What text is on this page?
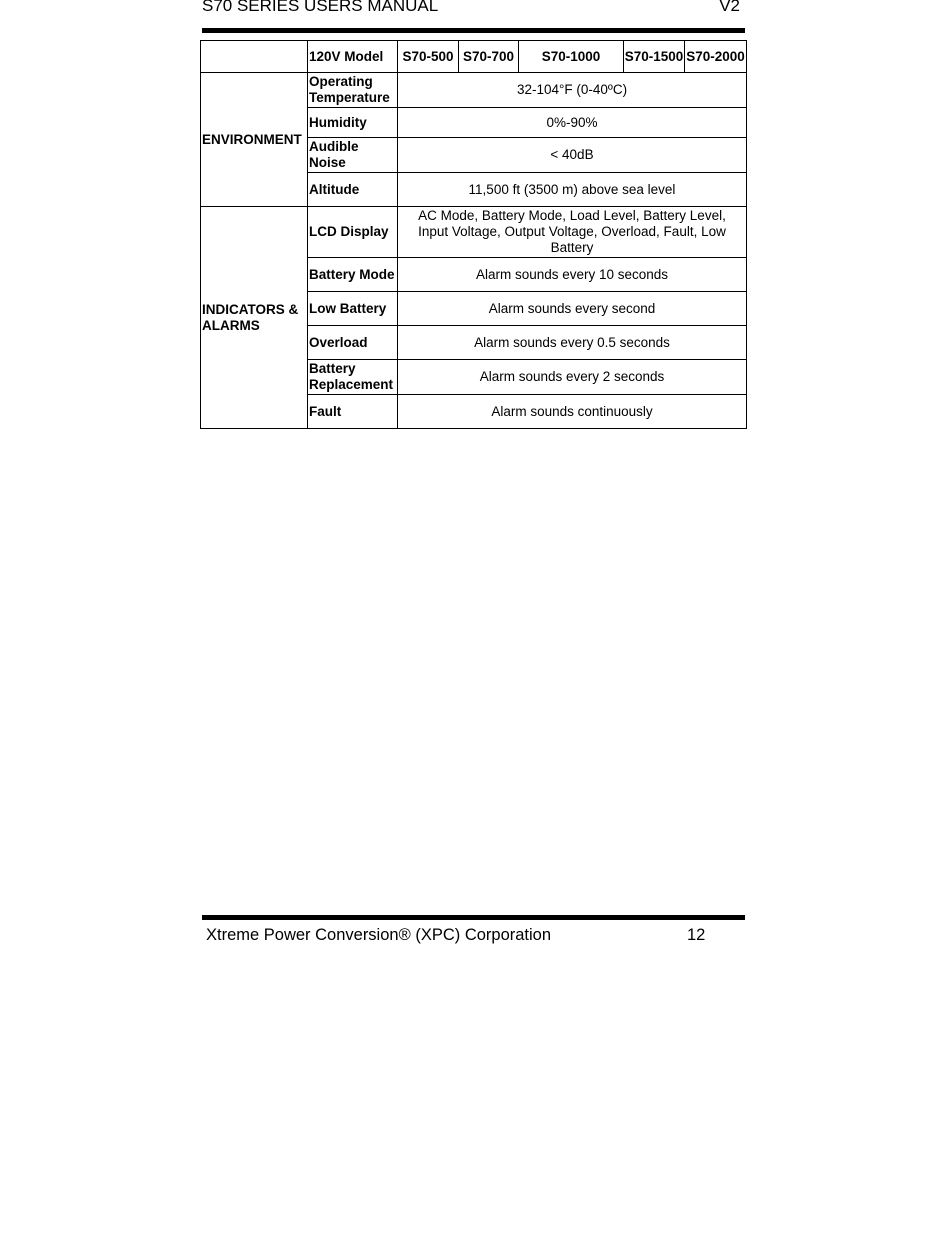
S70 SERIES USERS MANUAL	V2
	120V Model	S70-500	S70-700	S70-1000	S70-1500	S70-2000
ENVIRONMENT	Operating Temperature	32-104°F (0-40ºC)				
	Humidity	0%-90%				
	Audible Noise	< 40dB				
	Altitude	11,500 ft (3500 m) above sea level				
INDICATORS & ALARMS	LCD Display	AC Mode, Battery Mode, Load Level, Battery Level, Input Voltage, Output Voltage, Overload, Fault, Low Battery				
	Battery Mode	Alarm sounds every 10 seconds				
	Low Battery	Alarm sounds every second				
	Overload	Alarm sounds every 0.5 seconds				
	Battery Replacement	Alarm sounds every 2 seconds				
	Fault	Alarm sounds continuously				
Xtreme Power Conversion® (XPC) Corporation	12
